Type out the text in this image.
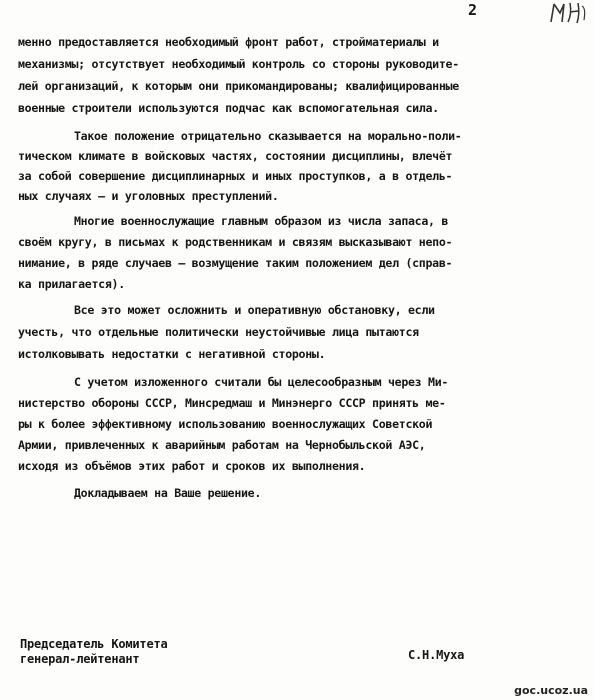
2

менно предоставляется необходимый фронт работ, стройматериалы и

механизмы; отсутствует необходимый контроль со стороны руководите-

лей организаций, к которым они прикомандированы; квалифицированные

военные строители используются подчас как вспомогательная сила.

Такое положение отрицательно сказывается на морально-поли-

тическом климате в войсковых частях, состоянии дисциплины, влечёт

за собой совершение дисциплинарных и иных проступков, а в отдель-

ных случаях – и уголовных преступлений.

Многие военнослужащие главным образом из числа запаса, в

своём кругу, в письмах к родственникам и связям высказывают непо-

нимание, в ряде случаев – возмущение таким положением дел (справ-

ка прилагается).

Все это может осложнить и оперативную обстановку, если

учесть, что отдельные политически неустойчивые лица пытаются

истолковывать недостатки с негативной стороны.

С учетом изложенного считали бы целесообразным через Ми-

нистерство обороны СССР, Минсредмаш и Минэнерго СССР принять ме-

ры к более эффективному использованию военнослужащих Советской

Армии, привлеченных к аварийным работам на Чернобыльской АЭС,

исходя из объёмов этих работ и сроков их выполнения.

Докладываем на Ваше решение.

Председатель Комитета

генерал-лейтенант	С.Н.Муха

goc.ucoz.ua
